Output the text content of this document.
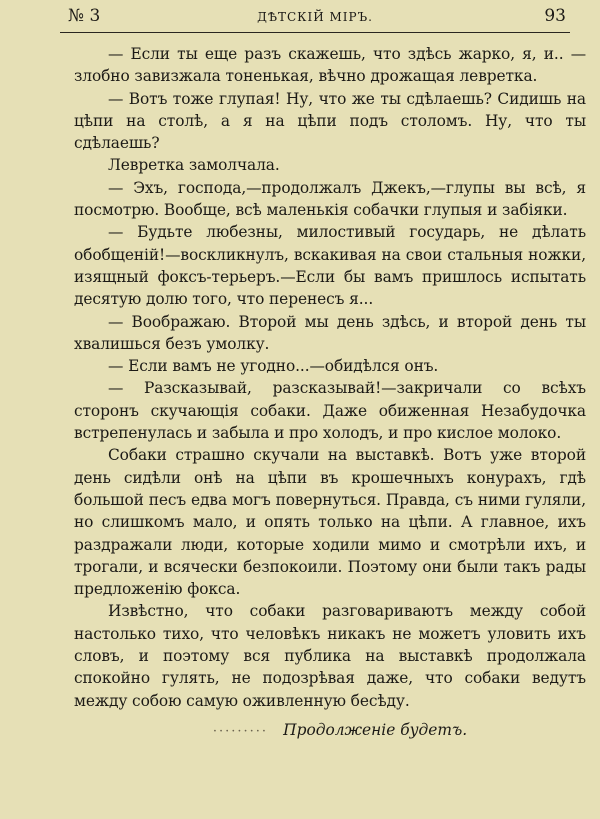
№ 3	ДѢТСКІЙ МІРЪ.	93

— Если ты еще разъ скажешь, что здѣсь жарко, я, и.. —злобно завизжала тоненькая, вѣчно дрожащая левретка.

— Вотъ тоже глупая! Ну, что же ты сдѣлаешь? Сидишь на цѣпи на столѣ, а я на цѣпи подъ столомъ. Ну, что ты сдѣлаешь?

Левретка замолчала.

— Эхъ, господа,—продолжалъ Джекъ,—глупы вы всѣ, я посмотрю. Вообще, всѣ маленькія собачки глупыя и забіяки.

— Будьте любезны, милостивый государь, не дѣлать обобщеній!—воскликнулъ, вскакивая на свои стальныя ножки, изящный фоксъ-терьеръ.—Если бы вамъ пришлось испытать десятую долю того, что перенесъ я...

— Воображаю. Второй мы день здѣсь, и второй день ты хвалишься безъ умолку.

— Если вамъ не угодно...—обидѣлся онъ.

— Разсказывай, разсказывай!—закричали со всѣхъ сторонъ скучающія собаки. Даже обиженная Незабудочка встрепенулась и забыла и про холодъ, и про кислое молоко.

Собаки страшно скучали на выставкѣ. Вотъ уже второй день сидѣли онѣ на цѣпи въ крошечныхъ конурахъ, гдѣ большой песъ едва могъ повернуться. Правда, съ ними гуляли, но слишкомъ мало, и опять только на цѣпи. А главное, ихъ раздражали люди, которые ходили мимо и смотрѣли ихъ, и трогали, и всячески безпокоили. Поэтому они были такъ рады предложенію фокса.

Извѣстно, что собаки разговариваютъ между собой настолько тихо, что человѣкъ никакъ не можетъ уловить ихъ словъ, и поэтому вся публика на выставкѣ продолжала спокойно гулять, не подозрѣвая даже, что собаки ведутъ между собою самую оживленную бесѣду.

········· Продолженіе будетъ.
